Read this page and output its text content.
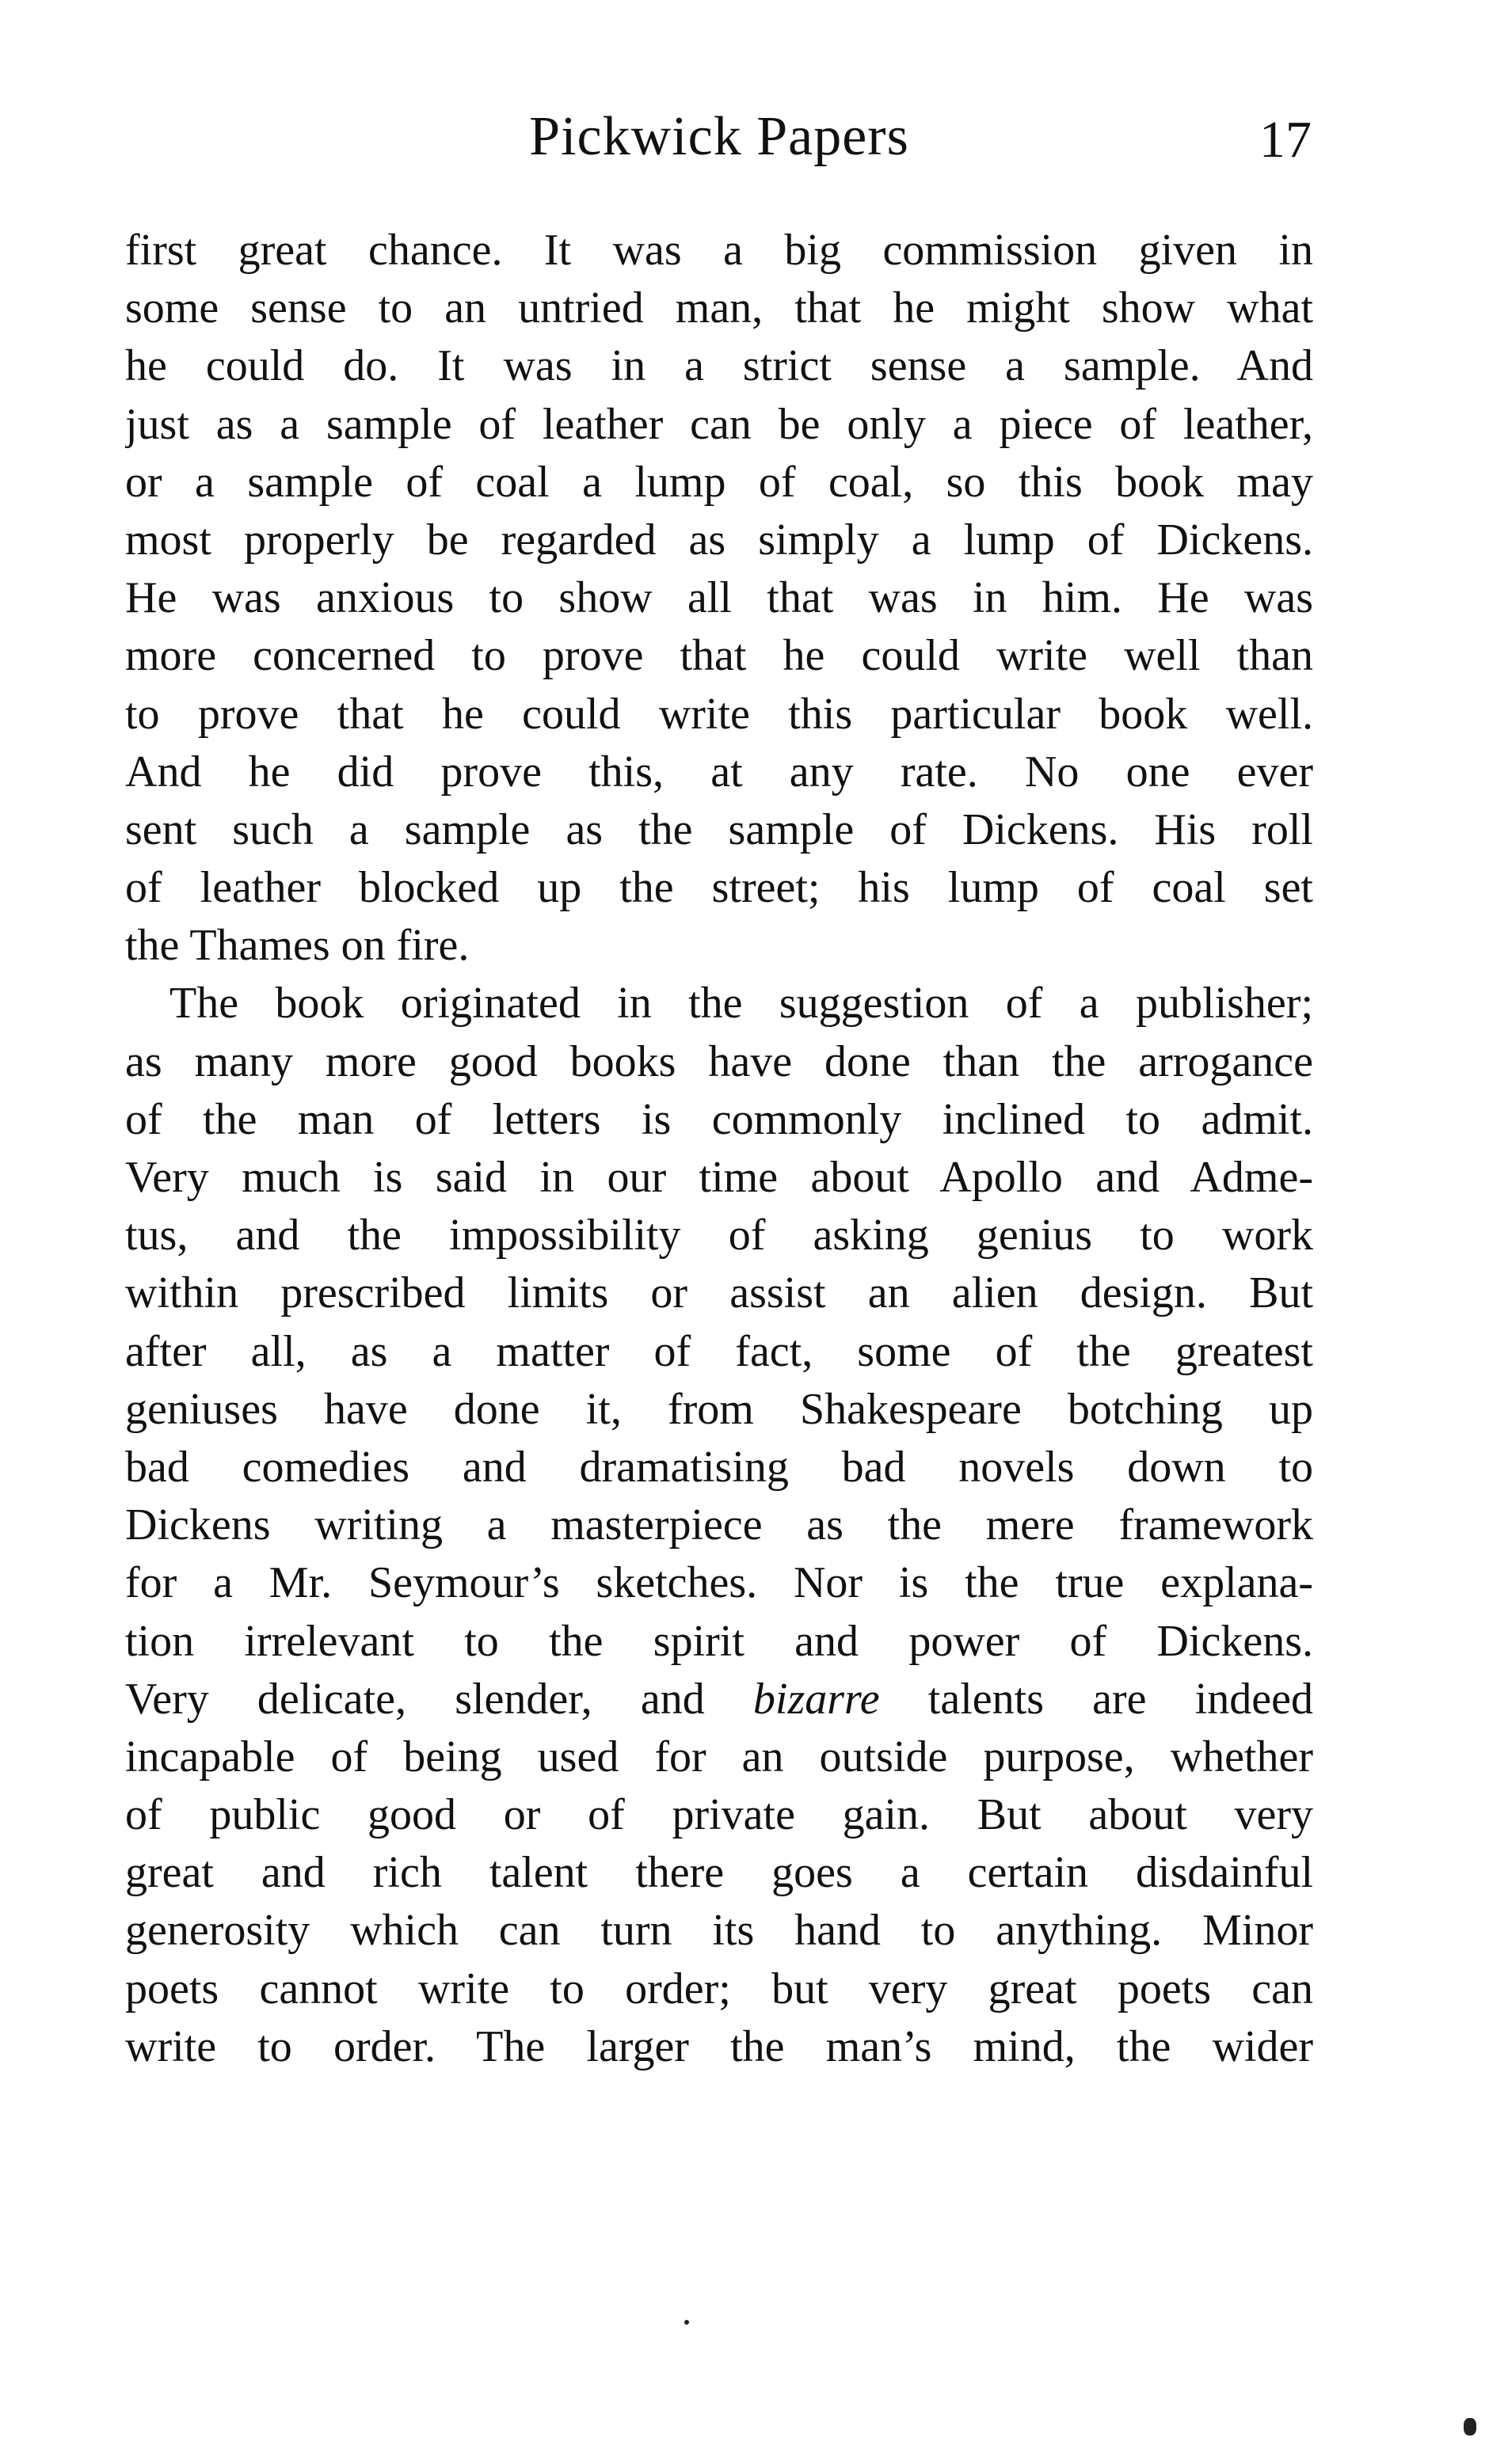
Pickwick Papers	17
first great chance. It was a big commission given in
some sense to an untried man, that he might show what
he could do. It was in a strict sense a sample. And
just as a sample of leather can be only a piece of leather,
or a sample of coal a lump of coal, so this book may
most properly be regarded as simply a lump of Dickens.
He was anxious to show all that was in him. He was
more concerned to prove that he could write well than
to prove that he could write this particular book well.
And he did prove this, at any rate. No one ever
sent such a sample as the sample of Dickens. His roll
of leather blocked up the street; his lump of coal set
the Thames on fire.
The book originated in the suggestion of a publisher;
as many more good books have done than the arrogance
of the man of letters is commonly inclined to admit.
Very much is said in our time about Apollo and Adme-
tus, and the impossibility of asking genius to work
within prescribed limits or assist an alien design. But
after all, as a matter of fact, some of the greatest
geniuses have done it, from Shakespeare botching up
bad comedies and dramatising bad novels down to
Dickens writing a masterpiece as the mere framework
for a Mr. Seymour’s sketches. Nor is the true explana-
tion irrelevant to the spirit and power of Dickens.
Very delicate, slender, and bizarre talents are indeed
incapable of being used for an outside purpose, whether
of public good or of private gain. But about very
great and rich talent there goes a certain disdainful
generosity which can turn its hand to anything. Minor
poets cannot write to order; but very great poets can
write to order. The larger the man’s mind, the wider
